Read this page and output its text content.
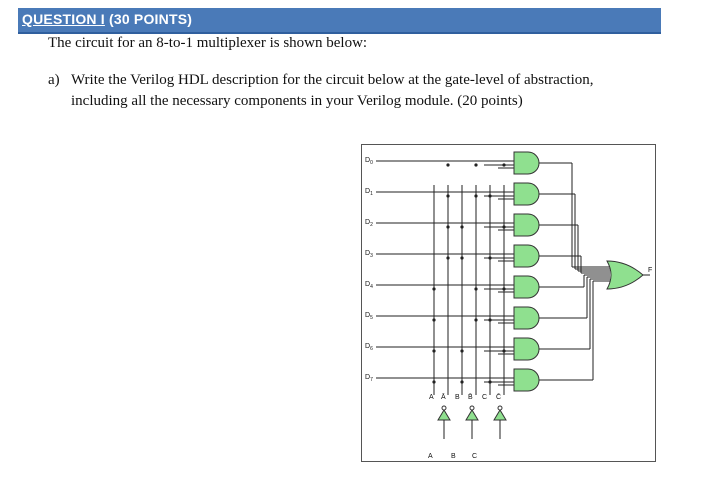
QUESTION I (30 POINTS)
The circuit for an 8-to-1 multiplexer is shown below:
a) Write the Verilog HDL description for the circuit below at the gate-level of abstraction,
including all the necessary components in your Verilog module. (20 points)
$D_0$
$D_1$
$D_2$
$D_3$
$D_4$
$D_5$
$D_6$
$D_7$
F
A Ā B B̄ C C̄
A	B C
